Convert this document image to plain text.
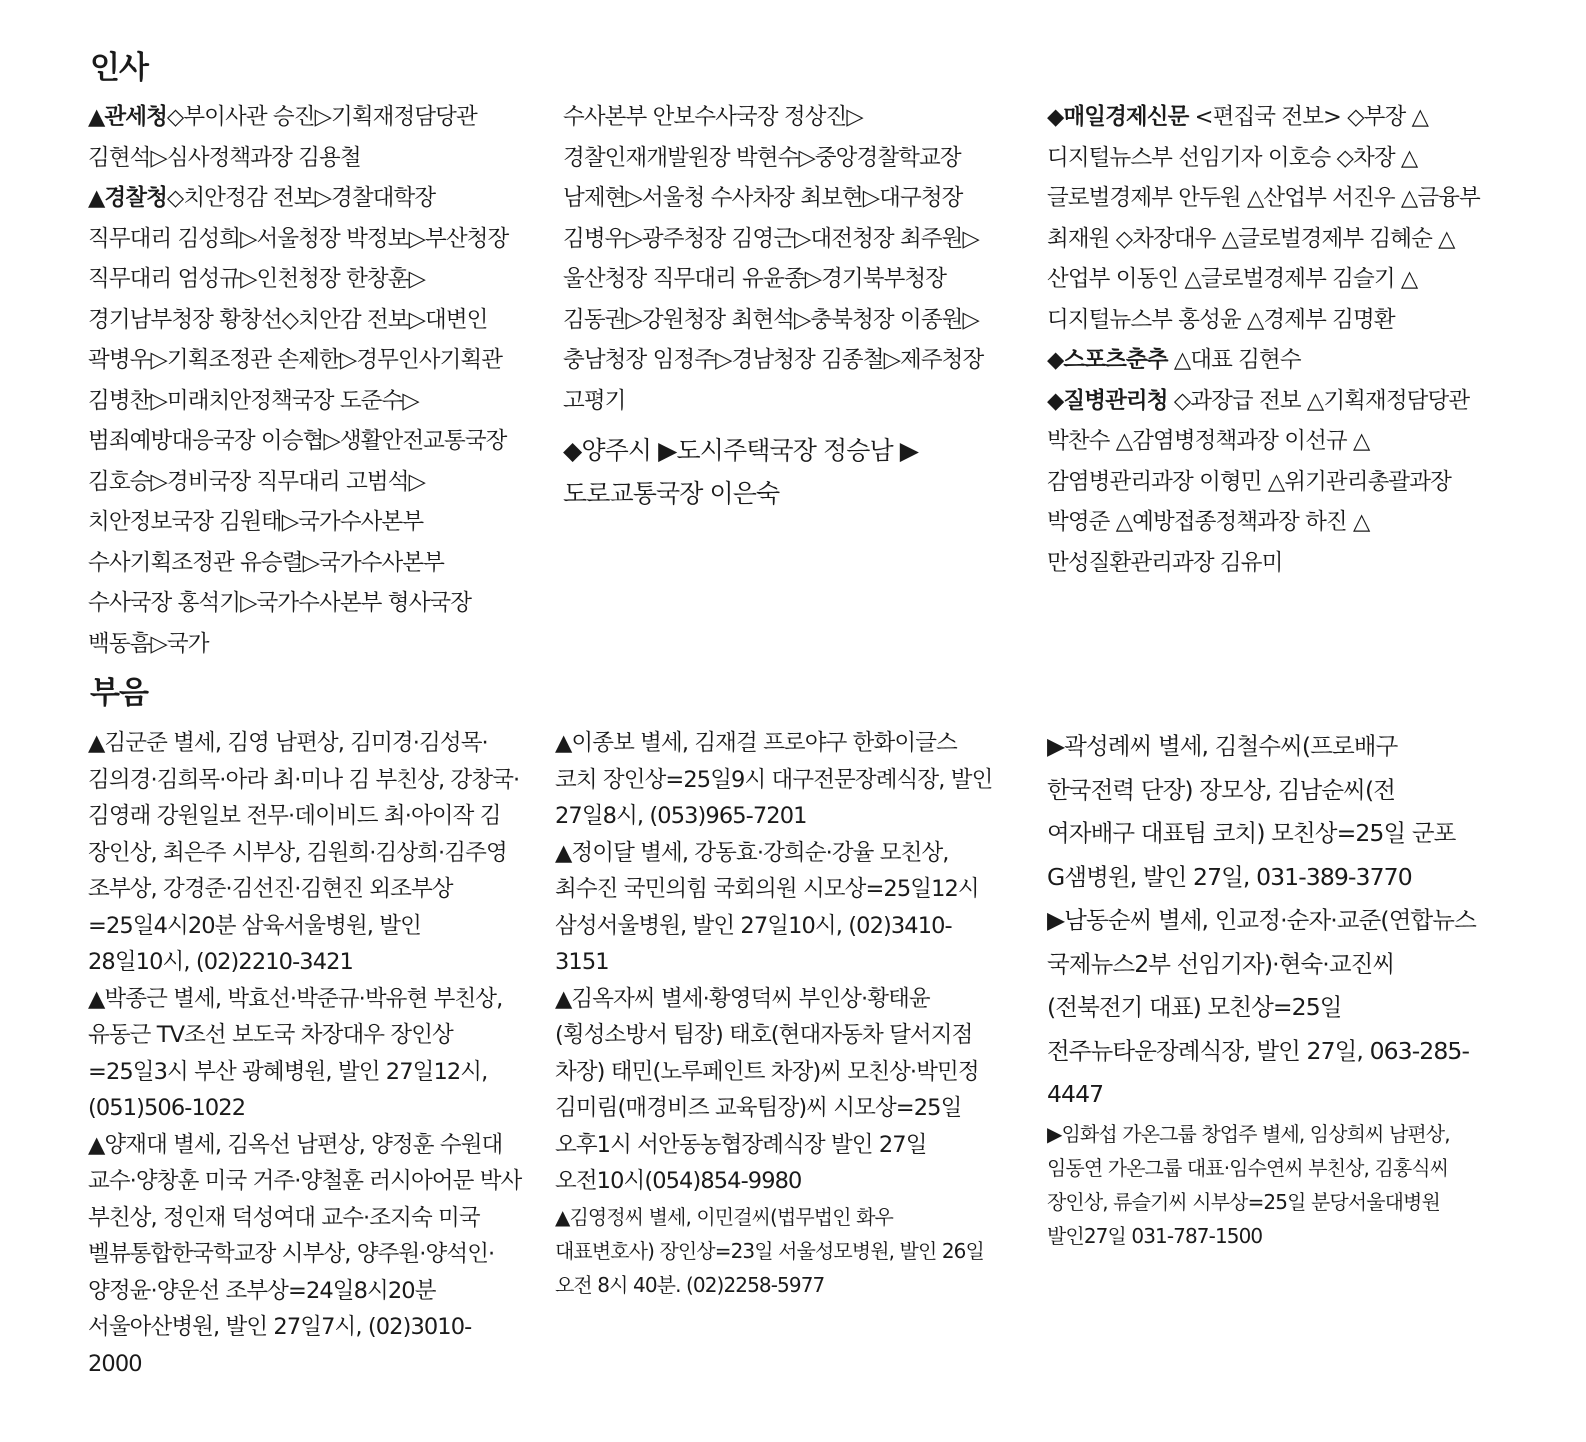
인사

▲관세청◇부이사관 승진▷기획재정담당관 김현석▷심사정책과장 김용철

▲경찰청◇치안정감 전보▷경찰대학장 직무대리 김성희▷서울청장 박정보▷부산청장 직무대리 엄성규▷인천청장 한창훈▷경기남부청장 황창선◇치안감 전보▷대변인 곽병우▷기획조정관 손제한▷경무인사기획관 김병찬▷미래치안정책국장 도준수▷범죄예방대응국장 이승협▷생활안전교통국장 김호승▷경비국장 직무대리 고범석▷치안정보국장 김원태▷국가수사본부 수사기획조정관 유승렬▷국가수사본부 수사국장 홍석기▷국가수사본부 형사국장 백동흠▷국가

수사본부 안보수사국장 정상진▷경찰인재개발원장 박현수▷중앙경찰학교장 남제현▷서울청 수사차장 최보현▷대구청장 김병우▷광주청장 김영근▷대전청장 최주원▷울산청장 직무대리 유윤종▷경기북부청장 김동권▷강원청장 최현석▷충북청장 이종원▷충남청장 임정주▷경남청장 김종철▷제주청장 고평기

◆양주시 ▶도시주택국장 정승남 ▶도로교통국장 이은숙

◆매일경제신문 <편집국 전보> ◇부장 △디지털뉴스부 선임기자 이호승 ◇차장 △글로벌경제부 안두원 △산업부 서진우 △금융부 최재원 ◇차장대우 △글로벌경제부 김혜순 △산업부 이동인 △글로벌경제부 김슬기 △디지털뉴스부 홍성윤 △경제부 김명환

◆스포츠춘추 △대표 김현수

◆질병관리청 ◇과장급 전보 △기획재정담당관 박찬수 △감염병정책과장 이선규 △감염병관리과장 이형민 △위기관리총괄과장 박영준 △예방접종정책과장 하진 △만성질환관리과장 김유미

부음

▲김군준 별세, 김영 남편상, 김미경·김성목·김의경·김희목·아라 최·미나 김 부친상, 강창국·김영래 강원일보 전무·데이비드 최·아이작 김 장인상, 최은주 시부상, 김원희·김상희·김주영 조부상, 강경준·김선진·김현진 외조부상=25일4시20분 삼육서울병원, 발인 28일10시, (02)2210-3421

▲박종근 별세, 박효선·박준규·박유현 부친상, 유동근 TV조선 보도국 차장대우 장인상=25일3시 부산 광혜병원, 발인 27일12시, (051)506-1022

▲양재대 별세, 김옥선 남편상, 양정훈 수원대 교수·양창훈 미국 거주·양철훈 러시아어문 박사 부친상, 정인재 덕성여대 교수·조지숙 미국 벨뷰통합한국학교장 시부상, 양주원·양석인·양정윤·양운선 조부상=24일8시20분 서울아산병원, 발인 27일7시, (02)3010-2000

▲이종보 별세, 김재걸 프로야구 한화이글스 코치 장인상=25일9시 대구전문장례식장, 발인 27일8시, (053)965-7201

▲정이달 별세, 강동효·강희순·강율 모친상, 최수진 국민의힘 국회의원 시모상=25일12시 삼성서울병원, 발인 27일10시, (02)3410-3151

▲김옥자씨 별세·황영덕씨 부인상·황태윤(횡성소방서 팀장) 태호(현대자동차 달서지점 차장) 태민(노루페인트 차장)씨 모친상·박민정 김미림(매경비즈 교육팀장)씨 시모상=25일 오후1시 서안동농협장례식장 발인 27일 오전10시(054)854-9980

▲김영정씨 별세, 이민걸씨(법무법인 화우 대표변호사) 장인상=23일 서울성모병원, 발인 26일 오전 8시 40분. (02)2258-5977

▶곽성례씨 별세, 김철수씨(프로배구 한국전력 단장) 장모상, 김남순씨(전 여자배구 대표팀 코치) 모친상=25일 군포 G샘병원, 발인 27일, 031-389-3770

▶남동순씨 별세, 인교정·순자·교준(연합뉴스 국제뉴스2부 선임기자)·현숙·교진씨(전북전기 대표) 모친상=25일 전주뉴타운장례식장, 발인 27일, 063-285-4447

▶임화섭 가온그룹 창업주 별세, 임상희씨 남편상, 임동연 가온그룹 대표·임수연씨 부친상, 김홍식씨 장인상, 류슬기씨 시부상=25일 분당서울대병원 발인27일 031-787-1500
